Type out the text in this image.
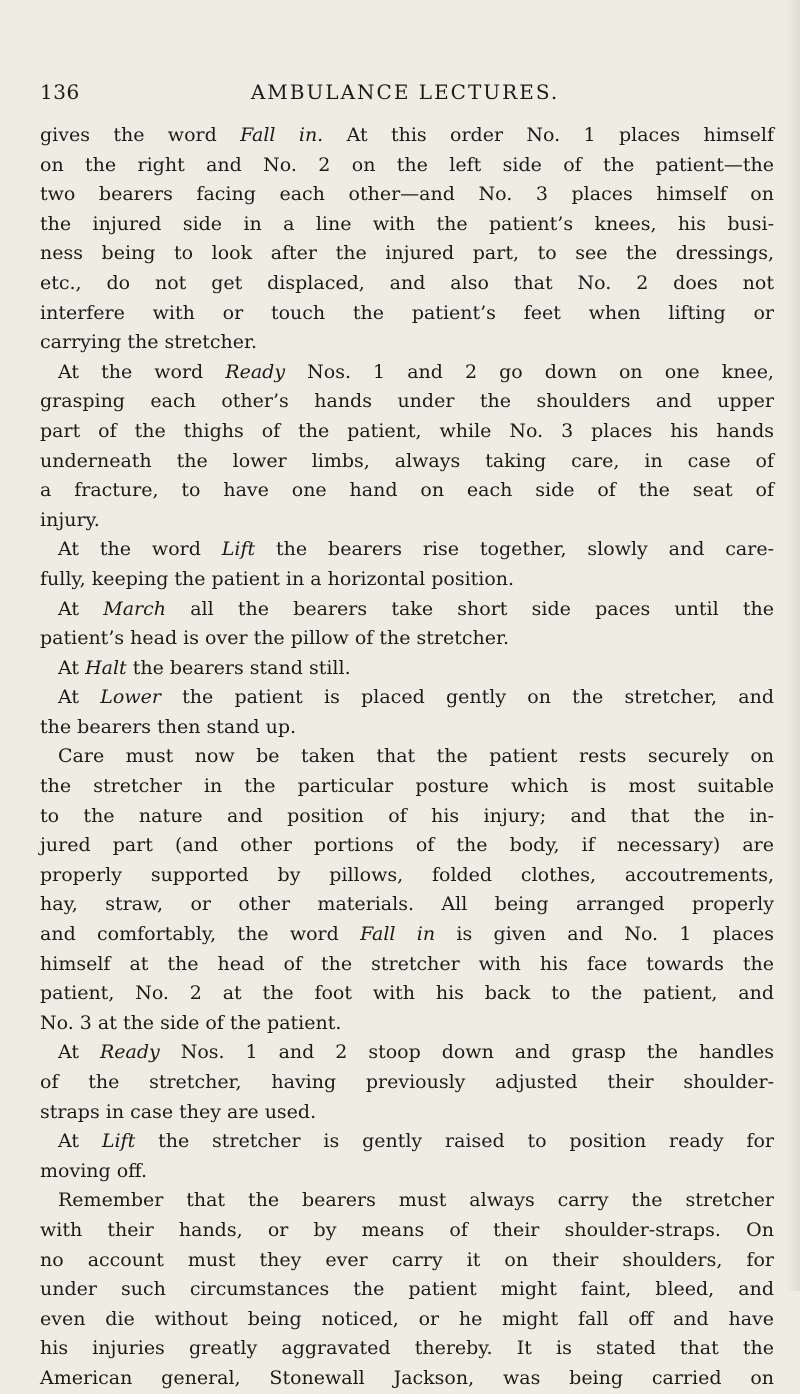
AMBULANCE LECTURES.
136
gives the word Fall in. At this order No. 1 places himself
on the right and No. 2 on the left side of the patient—the
two bearers facing each other—and No. 3 places himself on
the injured side in a line with the patient’s knees, his busi-
ness being to look after the injured part, to see the dressings,
etc., do not get displaced, and also that No. 2 does not
interfere with or touch the patient’s feet when lifting or
carrying the stretcher.
At the word Ready Nos. 1 and 2 go down on one knee,
grasping each other’s hands under the shoulders and upper
part of the thighs of the patient, while No. 3 places his hands
underneath the lower limbs, always taking care, in case of
a fracture, to have one hand on each side of the seat of
injury.
At the word Lift the bearers rise together, slowly and care-
fully, keeping the patient in a horizontal position.
At March all the bearers take short side paces until the
patient’s head is over the pillow of the stretcher.
At Halt the bearers stand still.
At Lower the patient is placed gently on the stretcher, and
the bearers then stand up.
Care must now be taken that the patient rests securely on
the stretcher in the particular posture which is most suitable
to the nature and position of his injury; and that the in-
jured part (and other portions of the body, if necessary) are
properly supported by pillows, folded clothes, accoutrements,
hay, straw, or other materials. All being arranged properly
and comfortably, the word Fall in is given and No. 1 places
himself at the head of the stretcher with his face towards the
patient, No. 2 at the foot with his back to the patient, and
No. 3 at the side of the patient.
At Ready Nos. 1 and 2 stoop down and grasp the handles
of the stretcher, having previously adjusted their shoulder-
straps in case they are used.
At Lift the stretcher is gently raised to position ready for
moving off.
Remember that the bearers must always carry the stretcher
with their hands, or by means of their shoulder-straps. On
no account must they ever carry it on their shoulders, for
under such circumstances the patient might faint, bleed, and
even die without being noticed, or he might fall off and have
his injuries greatly aggravated thereby. It is stated that the
American general, Stonewall Jackson, was being carried on
